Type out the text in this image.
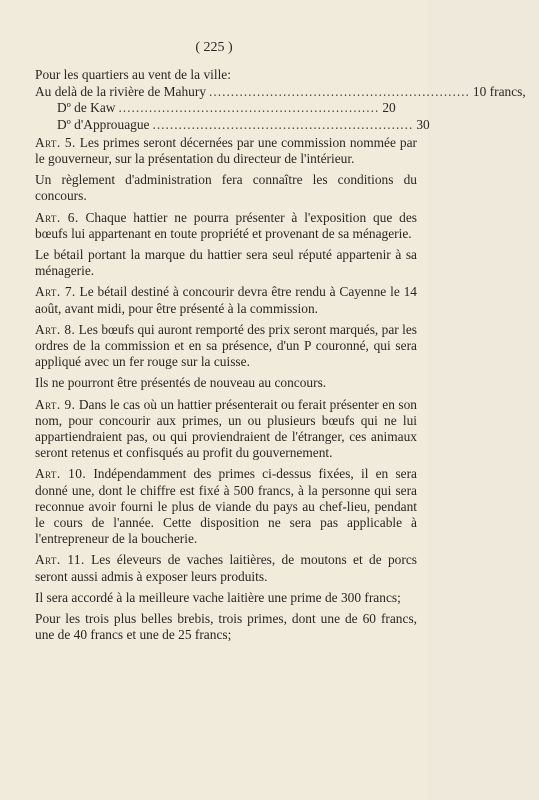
( 225 )
Pour les quartiers au vent de la ville:
Au delà de la rivière de Mahury ............................................................ 10 francs,
Dº de Kaw ............................................................ 20
Dº d'Approuague ............................................................ 30

Art. 5. Les primes seront décernées par une commission nommée par le gouverneur, sur la présentation du directeur de l'intérieur.

Un règlement d'administration fera connaître les conditions du concours.

Art. 6. Chaque hattier ne pourra présenter à l'exposition que des bœufs lui appartenant en toute propriété et provenant de sa ménagerie.

Le bétail portant la marque du hattier sera seul réputé appartenir à sa ménagerie.

Art. 7. Le bétail destiné à concourir devra être rendu à Cayenne le 14 août, avant midi, pour être présenté à la commission.

Art. 8. Les bœufs qui auront remporté des prix seront marqués, par les ordres de la commission et en sa présence, d'un P couronné, qui sera appliqué avec un fer rouge sur la cuisse.

Ils ne pourront être présentés de nouveau au concours.

Art. 9. Dans le cas où un hattier présenterait ou ferait présenter en son nom, pour concourir aux primes, un ou plusieurs bœufs qui ne lui appartiendraient pas, ou qui proviendraient de l'étranger, ces animaux seront retenus et confisqués au profit du gouvernement.

Art. 10. Indépendamment des primes ci-dessus fixées, il en sera donné une, dont le chiffre est fixé à 500 francs, à la personne qui sera reconnue avoir fourni le plus de viande du pays au chef-lieu, pendant le cours de l'année. Cette disposition ne sera pas applicable à l'entrepreneur de la boucherie.

Art. 11. Les éleveurs de vaches laitières, de moutons et de porcs seront aussi admis à exposer leurs produits.

Il sera accordé à la meilleure vache laitière une prime de 300 francs;

Pour les trois plus belles brebis, trois primes, dont une de 60 francs, une de 40 francs et une de 25 francs;
